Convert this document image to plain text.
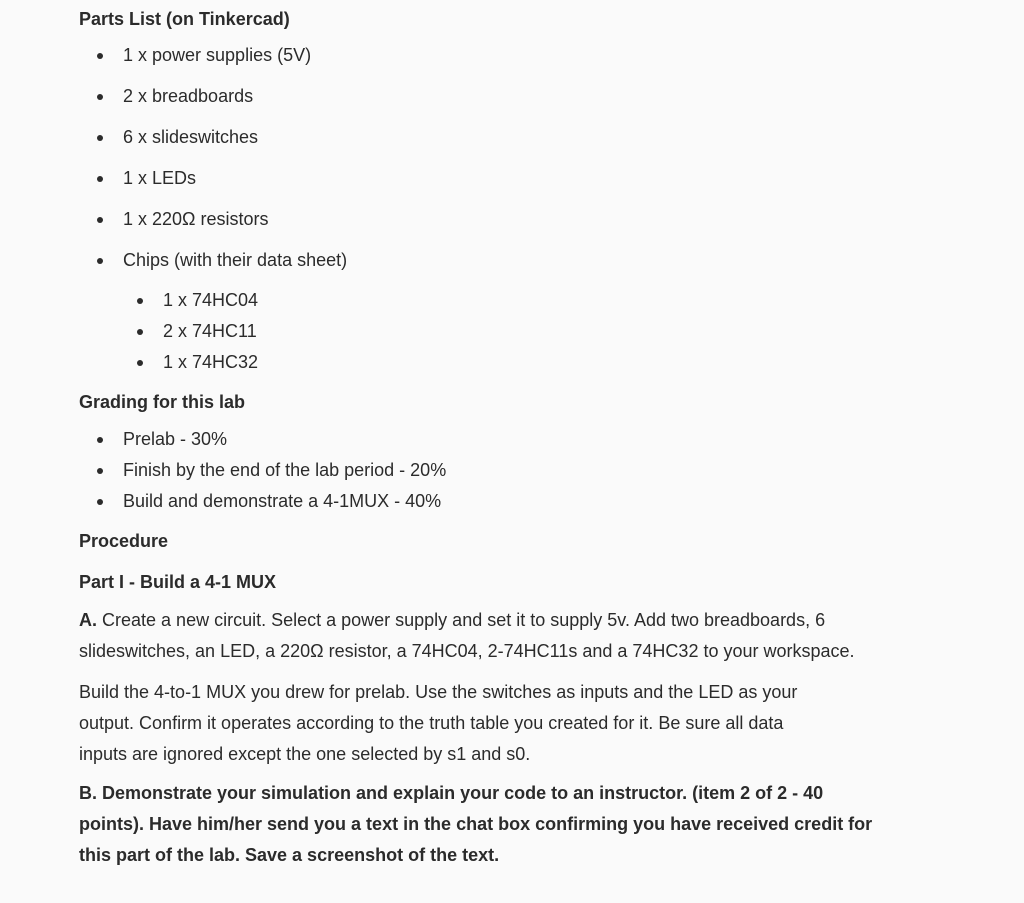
Parts List (on Tinkercad)
1 x power supplies (5V)
2 x breadboards
6 x slideswitches
1 x LEDs
1 x 220Ω resistors
Chips (with their data sheet)
1 x 74HC04
2 x 74HC11
1 x 74HC32
Grading for this lab
Prelab - 30%
Finish by the end of the lab period - 20%
Build and demonstrate a 4-1MUX - 40%
Procedure
Part I - Build a 4-1 MUX

A. Create a new circuit. Select a power supply and set it to supply 5v. Add two breadboards, 6
slideswitches, an LED, a 220Ω resistor, a 74HC04, 2-74HC11s and a 74HC32 to your workspace.

Build the 4-to-1 MUX you drew for prelab. Use the switches as inputs and the LED as your
output. Confirm it operates according to the truth table you created for it. Be sure all data
inputs are ignored except the one selected by s1 and s0.

B. Demonstrate your simulation and explain your code to an instructor. (item 2 of 2 - 40
points). Have him/her send you a text in the chat box confirming you have received credit for
this part of the lab. Save a screenshot of the text.
